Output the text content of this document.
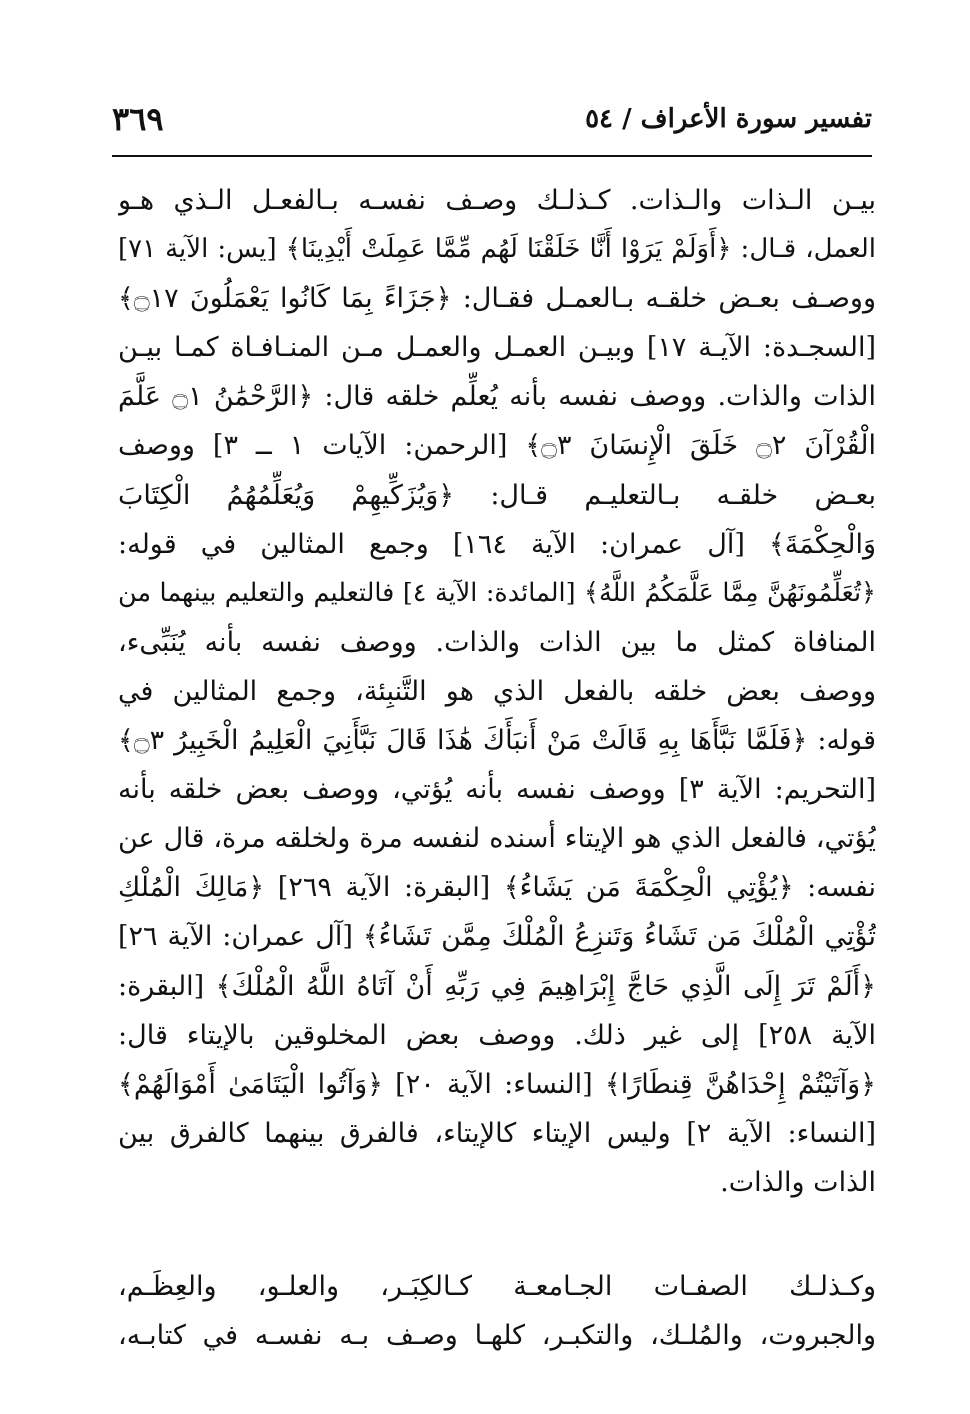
تفسير سورة الأعراف / ٥٤
٣٦٩
بيـن الـذات والـذات. كـذلـك وصـف نفسـه بـالفعـل الـذي هـو
العمل، قـال: ﴿أَوَلَمْ يَرَوْا أَنَّا خَلَقْنَا لَهُم مِّمَّا عَمِلَتْ أَيْدِينَا﴾ [يس: الآية ٧١]
ووصـف بعـض خلقـه بـالعمـل فقـال: ﴿جَزَاءً بِمَا كَانُوا يَعْمَلُونَ ۝١٧﴾
[السجـدة: الآيـة ١٧] وبيـن العمـل والعمـل مـن المنـافـاة كمـا بيـن
الذات والذات. ووصف نفسه بأنه يُعلِّم خلقه قال: ﴿الرَّحْمَٰنُ ۝١ عَلَّمَ
الْقُرْآنَ ۝٢ خَلَقَ الْإِنسَانَ ۝٣﴾ [الرحمن: الآيات ١ ــ ٣] ووصف
بعـض خلقـه بـالتعليـم قـال: ﴿وَيُزَكِّيهِمْ وَيُعَلِّمُهُمُ الْكِتَابَ
وَالْحِكْمَةَ﴾ [آل عمران: الآية ١٦٤] وجمع المثالين في قوله:
﴿تُعَلِّمُونَهُنَّ مِمَّا عَلَّمَكُمُ اللَّهُ﴾ [المائدة: الآية ٤] فالتعليم والتعليم بينهما من
المنافاة كمثل ما بين الذات والذات. ووصف نفسه بأنه يُنَبِّىء،
ووصف بعض خلقه بالفعل الذي هو التَّنبِئة، وجمع المثالين في
قوله: ﴿فَلَمَّا نَبَّأَهَا بِهِ قَالَتْ مَنْ أَنبَأَكَ هَٰذَا قَالَ نَبَّأَنِيَ الْعَلِيمُ الْخَبِيرُ ۝٣﴾
[التحريم: الآية ٣] ووصف نفسه بأنه يُؤتي، ووصف بعض خلقه بأنه
يُؤتي، فالفعل الذي هو الإيتاء أسنده لنفسه مرة ولخلقه مرة، قال عن
نفسه: ﴿يُؤْتِي الْحِكْمَةَ مَن يَشَاءُ﴾ [البقرة: الآية ٢٦٩] ﴿مَالِكَ الْمُلْكِ
تُؤْتِي الْمُلْكَ مَن تَشَاءُ وَتَنزِعُ الْمُلْكَ مِمَّن تَشَاءُ﴾ [آل عمران: الآية ٢٦]
﴿أَلَمْ تَرَ إِلَى الَّذِي حَاجَّ إِبْرَاهِيمَ فِي رَبِّهِ أَنْ آتَاهُ اللَّهُ الْمُلْكَ﴾ [البقرة:
الآية ٢٥٨] إلى غير ذلك. ووصف بعض المخلوقين بالإيتاء قال:
﴿وَآتَيْتُمْ إِحْدَاهُنَّ قِنطَارًا﴾ [النساء: الآية ٢٠] ﴿وَآتُوا الْيَتَامَىٰ أَمْوَالَهُمْ﴾
[النساء: الآية ٢] وليس الإيتاء كالإيتاء، فالفرق بينهما كالفرق بين
الذات والذات.
وكـذلـك الصفـات الجـامعـة كـالكِبَـر، والعلـو، والعِظَـم،
والجبروت، والمُلـك، والتكبـر، كلهـا وصـف بـه نفسـه في كتابـه،
